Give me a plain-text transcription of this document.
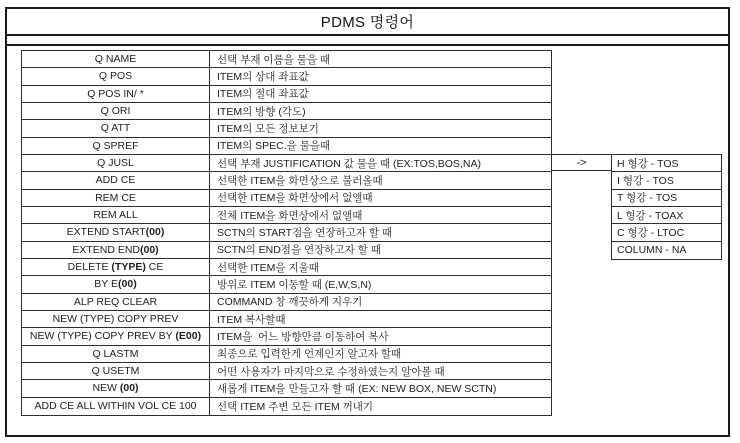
PDMS 명령어
Q NAME	선택 부재 이름을 물을 때
Q POS	ITEM의 상대 좌표값
Q POS IN/ *	ITEM의 절대 좌표값
Q ORI	ITEM의 방향 (각도)
Q ATT	ITEM의 모든 정보보기
Q SPREF	ITEM의 SPEC.을 물을때
Q JUSL	선택 부재 JUSTIFICATION 값 물을 때 (EX:TOS,BOS,NA)
ADD CE	선택한 ITEM을 화면상으로 불러올때
REM CE	선택한 ITEM을 화면상에서 없앨때
REM ALL	전체 ITEM을 화면상에서 없앨때
EXTEND START (00)	SCTN의 START점을 연장하고자 할 때
EXTEND END (00)	SCTN의 END점을 연장하고자 할 때
DELETE (TYPE) CE	선택한 ITEM을 지울때
BY E (00)	방위로 ITEM 이동할 때 (E,W,S,N)
ALP REQ CLEAR	COMMAND 창 깨끗하게 지우기
NEW (TYPE) COPY PREV	ITEM 복사할때
NEW (TYPE) COPY PREV BY (E00)	ITEM을  어느 방향만큼 이동하여 복사
Q LASTM	최종으로 입력한게 언제인지 알고자 할때
Q USETM	어떤 사용자가 마지막으로 수정하였는지 알아볼 때
NEW (00)	새롭게 ITEM을 만들고자 할 때 (EX: NEW BOX, NEW SCTN)
ADD CE ALL WITHIN VOL CE 100	선택 ITEM 주변 모든 ITEM 꺼내기
->	H 형강 - TOS
I 형강 - TOS
T 형강 - TOS
L 형강 - TOAX
C 형강 - LTOC
COLUMN - NA
